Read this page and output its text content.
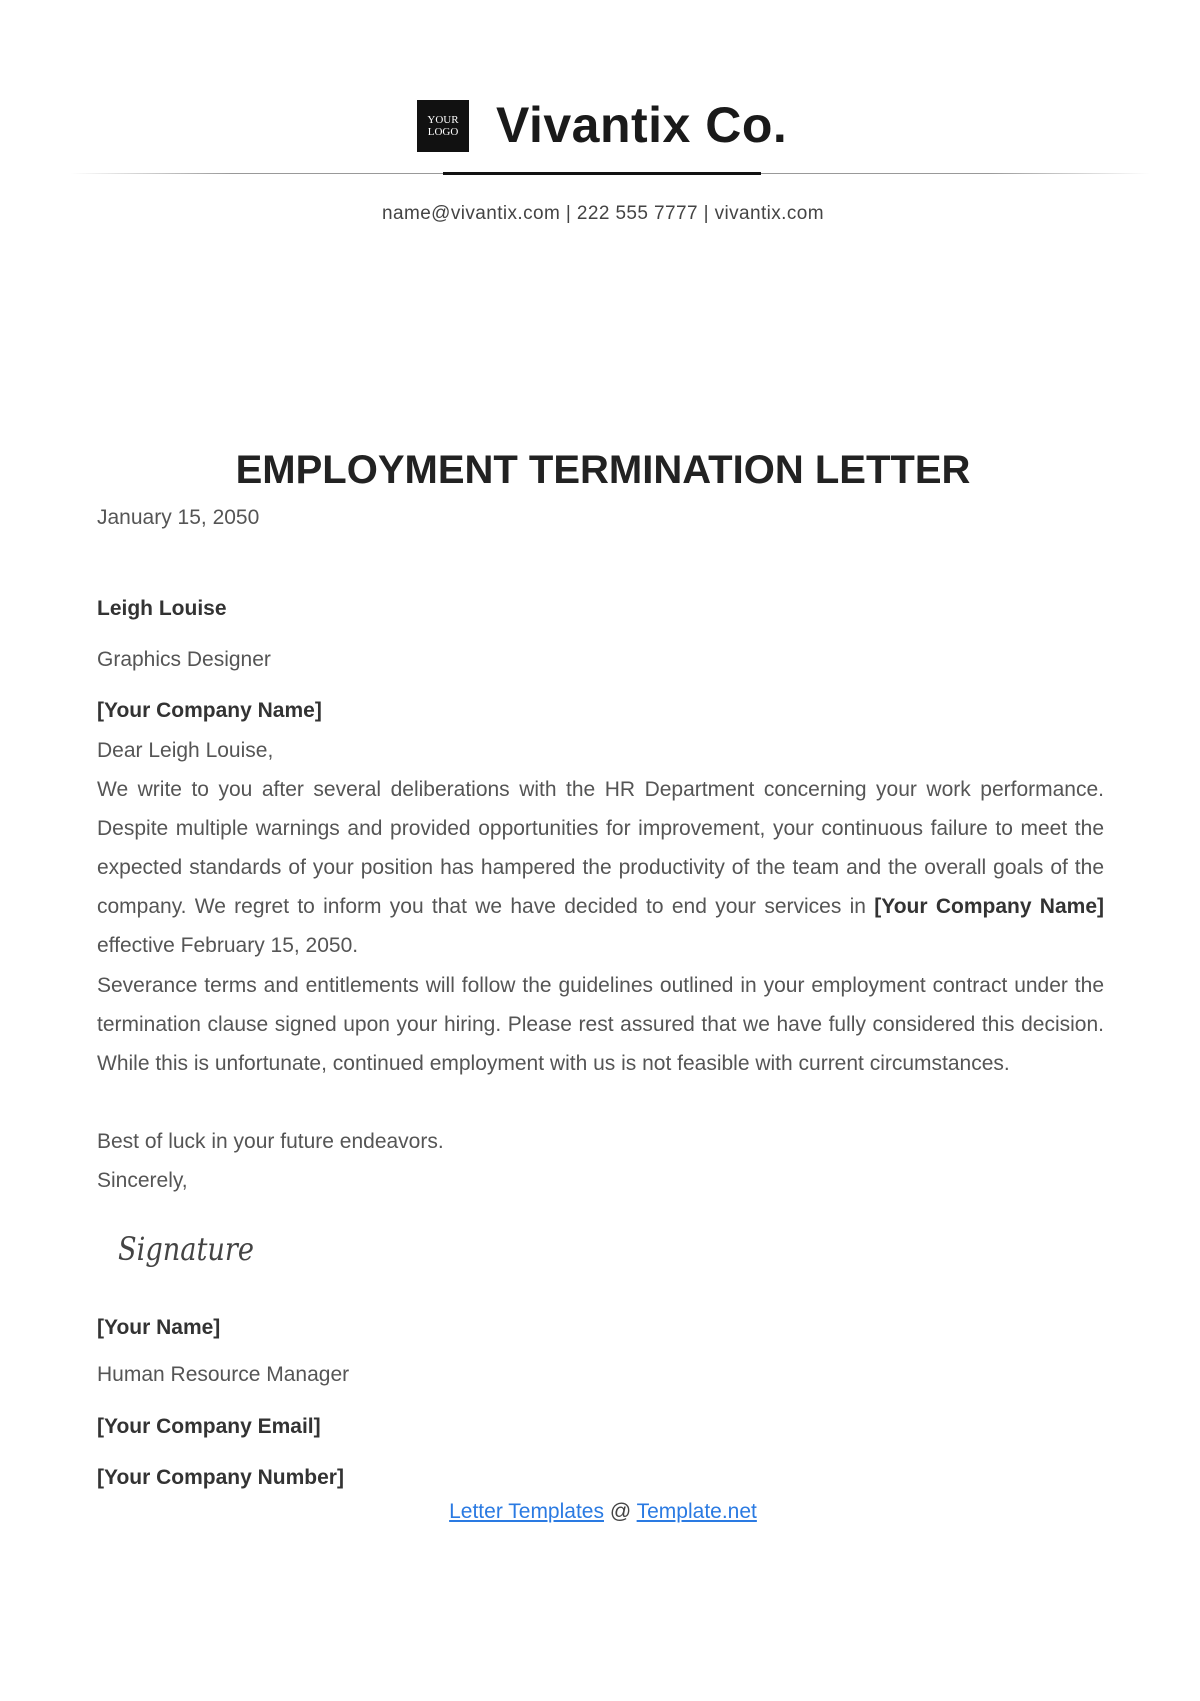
YOUR
LOGO Vivantix Co.
name@vivantix.com | 222 555 7777 | vivantix.com
EMPLOYMENT TERMINATION LETTER
January 15, 2050
Leigh Louise
Graphics Designer
[Your Company Name]
Dear Leigh Louise,
We write to you after several deliberations with the HR Department concerning your work performance. Despite multiple warnings and provided opportunities for improvement, your continuous failure to meet the expected standards of your position has hampered the productivity of the team and the overall goals of the company. We regret to inform you that we have decided to end your services in [Your Company Name] effective February 15, 2050.
Severance terms and entitlements will follow the guidelines outlined in your employment contract under the termination clause signed upon your hiring. Please rest assured that we have fully considered this decision. While this is unfortunate, continued employment with us is not feasible with current circumstances.
Best of luck in your future endeavors.
Sincerely,
Signature
[Your Name]
Human Resource Manager
[Your Company Email]
[Your Company Number]
Letter Templates @ Template.net
